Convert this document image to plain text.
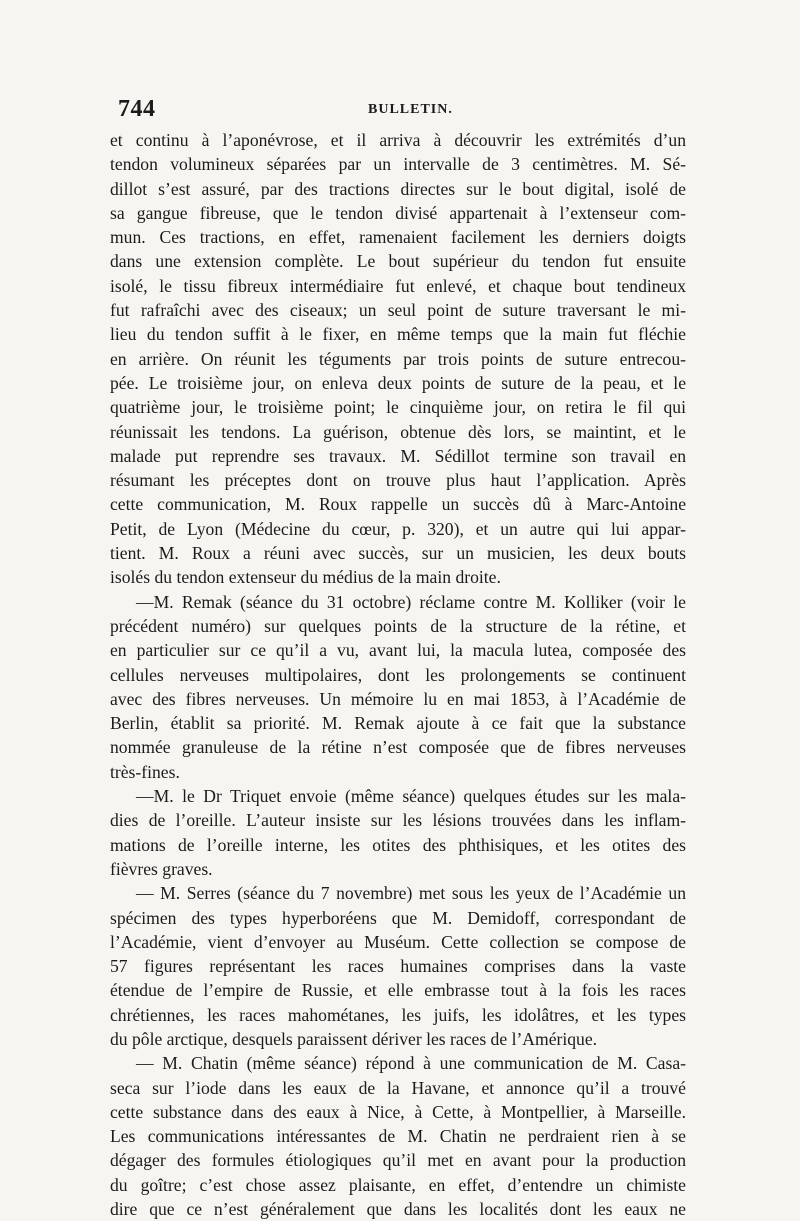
744	BULLETIN.
et continu à l’aponévrose, et il arriva à découvrir les extrémités d’un
tendon volumineux séparées par un intervalle de 3 centimètres. M. Sé-
dillot s’est assuré, par des tractions directes sur le bout digital, isolé de
sa gangue fibreuse, que le tendon divisé appartenait à l’extenseur com-
mun. Ces tractions, en effet, ramenaient facilement les derniers doigts
dans une extension complète. Le bout supérieur du tendon fut ensuite
isolé, le tissu fibreux intermédiaire fut enlevé, et chaque bout tendineux
fut rafraîchi avec des ciseaux; un seul point de suture traversant le mi-
lieu du tendon suffit à le fixer, en même temps que la main fut fléchie
en arrière. On réunit les téguments par trois points de suture entrecou-
pée. Le troisième jour, on enleva deux points de suture de la peau, et le
quatrième jour, le troisième point; le cinquième jour, on retira le fil qui
réunissait les tendons. La guérison, obtenue dès lors, se maintint, et le
malade put reprendre ses travaux. M. Sédillot termine son travail en
résumant les préceptes dont on trouve plus haut l’application. Après
cette communication, M. Roux rappelle un succès dû à Marc-Antoine
Petit, de Lyon (Médecine du cœur, p. 320), et un autre qui lui appar-
tient. M. Roux a réuni avec succès, sur un musicien, les deux bouts
isolés du tendon extenseur du médius de la main droite.
—M. Remak (séance du 31 octobre) réclame contre M. Kolliker (voir le
précédent numéro) sur quelques points de la structure de la rétine, et
en particulier sur ce qu’il a vu, avant lui, la macula lutea, composée des
cellules nerveuses multipolaires, dont les prolongements se continuent
avec des fibres nerveuses. Un mémoire lu en mai 1853, à l’Académie de
Berlin, établit sa priorité. M. Remak ajoute à ce fait que la substance
nommée granuleuse de la rétine n’est composée que de fibres nerveuses
très-fines.
—M. le Dr Triquet envoie (même séance) quelques études sur les mala-
dies de l’oreille. L’auteur insiste sur les lésions trouvées dans les inflam-
mations de l’oreille interne, les otites des phthisiques, et les otites des
fièvres graves.
— M. Serres (séance du 7 novembre) met sous les yeux de l’Académie un
spécimen des types hyperboréens que M. Demidoff, correspondant de
l’Académie, vient d’envoyer au Muséum. Cette collection se compose de
57 figures représentant les races humaines comprises dans la vaste
étendue de l’empire de Russie, et elle embrasse tout à la fois les races
chrétiennes, les races mahométanes, les juifs, les idolâtres, et les types
du pôle arctique, desquels paraissent dériver les races de l’Amérique.
— M. Chatin (même séance) répond à une communication de M. Casa-
seca sur l’iode dans les eaux de la Havane, et annonce qu’il a trouvé
cette substance dans des eaux à Nice, à Cette, à Montpellier, à Marseille.
Les communications intéressantes de M. Chatin ne perdraient rien à se
dégager des formules étiologiques qu’il met en avant pour la production
du goître; c’est chose assez plaisante, en effet, d’entendre un chimiste
dire que ce n’est généralement que dans les localités dont les eaux ne
